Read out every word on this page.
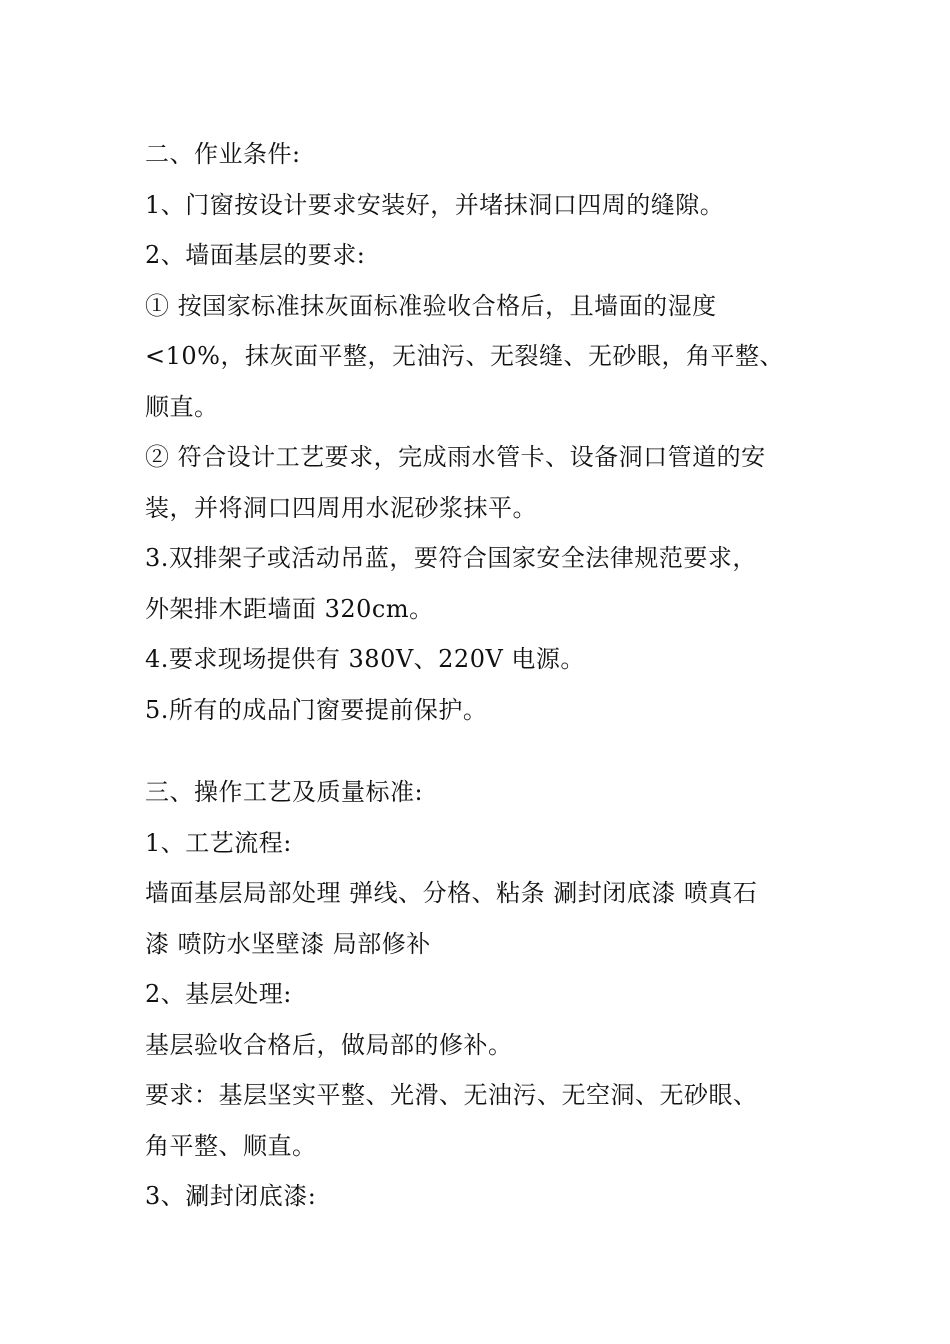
二、作业条件:
1、门窗按设计要求安装好，并堵抹洞口四周的缝隙。
2、墙面基层的要求:
① 按国家标准抹灰面标准验收合格后，且墙面的湿度
<10%，抹灰面平整，无油污、无裂缝、无砂眼，角平整、
顺直。
② 符合设计工艺要求，完成雨水管卡、设备洞口管道的安
装，并将洞口四周用水泥砂浆抹平。
3.双排架子或活动吊蓝，要符合国家安全法律规范要求，
外架排木距墙面 320cm。
4.要求现场提供有 380V、220V 电源。
5.所有的成品门窗要提前保护。
三、操作工艺及质量标准:
1、工艺流程:
墙面基层局部处理 弹线、分格、粘条 涮封闭底漆 喷真石
漆 喷防水坚壁漆 局部修补
2、基层处理:
基层验收合格后，做局部的修补。
要求：基层坚实平整、光滑、无油污、无空洞、无砂眼、
角平整、顺直。
3、涮封闭底漆:
